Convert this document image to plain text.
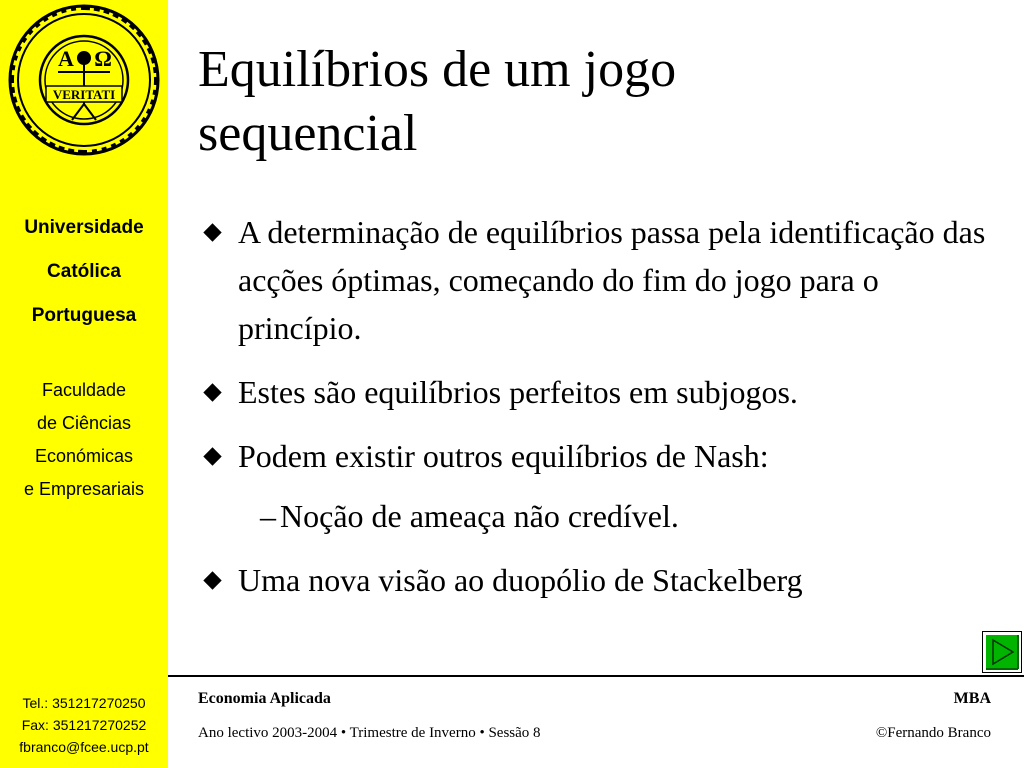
A Ω
VERITATI
Universidade
Católica
Portuguesa
Faculdade
de Ciências
Económicas
e Empresariais
Tel.: 351217270250
Fax: 351217270252
fbranco@fcee.ucp.pt
Equilíbrios de um jogo
sequencial
A determinação de equilíbrios passa pela identificação das acções óptimas, começando do fim do jogo para o princípio.
Estes são equilíbrios perfeitos em subjogos.
Podem existir outros equilíbrios de Nash:
– Noção de ameaça não credível.
Uma nova visão ao duopólio de Stackelberg
Economia Aplicada
Ano lectivo 2003-2004 • Trimestre de Inverno • Sessão 8
MBA
©Fernando Branco
